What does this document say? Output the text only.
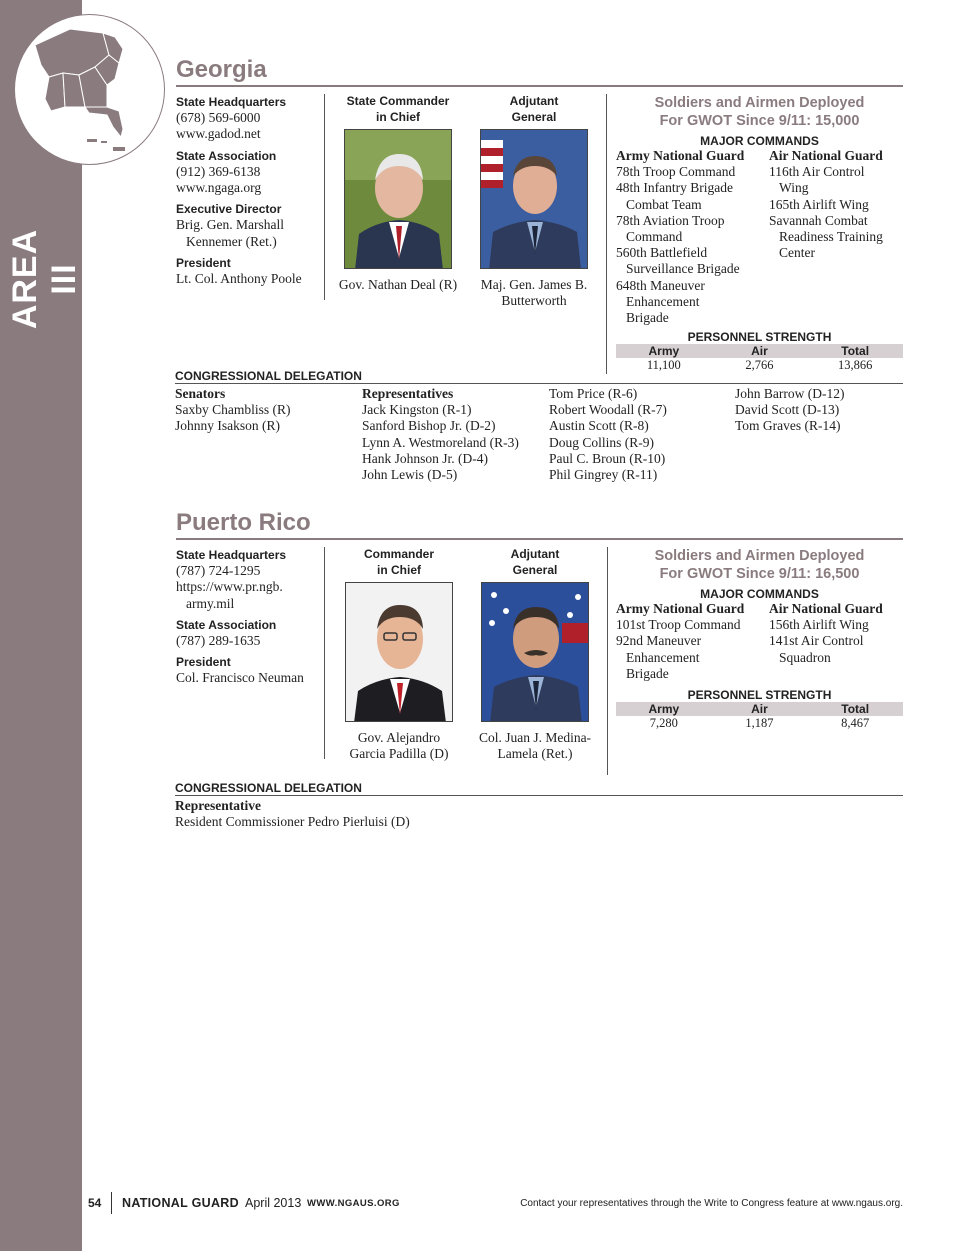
AREA III
Georgia
State Headquarters
(678) 569-6000
www.gadod.net
State Association
(912) 369-6138
www.ngaga.org
Executive Director
Brig. Gen. Marshall
Kennemer (Ret.)
President
Lt. Col. Anthony Poole
State Commander
in Chief
Gov. Nathan Deal (R)
Adjutant
General
Maj. Gen. James B.
Butterworth
Soldiers and Airmen Deployed
For GWOT Since 9/11: 15,000
MAJOR COMMANDS
Army National Guard
78th Troop Command
48th Infantry Brigade
Combat Team
78th Aviation Troop
Command
560th Battlefield
Surveillance Brigade
648th Maneuver
Enhancement
Brigade
Air National Guard
116th Air Control
Wing
165th Airlift Wing
Savannah Combat
Readiness Training
Center
PERSONNEL STRENGTH
Army	Air	Total
11,100	2,766	13,866
CONGRESSIONAL DELEGATION
Senators
Saxby Chambliss (R)
Johnny Isakson (R)
Representatives
Jack Kingston (R-1)
Sanford Bishop Jr. (D-2)
Lynn A. Westmoreland (R-3)
Hank Johnson Jr. (D-4)
John Lewis (D-5)
Tom Price (R-6)
Robert Woodall (R-7)
Austin Scott (R-8)
Doug Collins (R-9)
Paul C. Broun (R-10)
Phil Gingrey (R-11)
John Barrow (D-12)
David Scott (D-13)
Tom Graves (R-14)
Puerto Rico
State Headquarters
(787) 724-1295
https://www.pr.ngb.
army.mil
State Association
(787) 289-1635
President
Col. Francisco Neuman
Commander
in Chief
Gov. Alejandro
Garcia Padilla (D)
Adjutant
General
Col. Juan J. Medina-
Lamela (Ret.)
Soldiers and Airmen Deployed
For GWOT Since 9/11: 16,500
MAJOR COMMANDS
Army National Guard
101st Troop Command
92nd Maneuver
Enhancement
Brigade
Air National Guard
156th Airlift Wing
141st Air Control
Squadron
PERSONNEL STRENGTH
Army	Air	Total
7,280	1,187	8,467
CONGRESSIONAL DELEGATION
Representative
Resident Commissioner Pedro Pierluisi (D)
54 NATIONAL GUARD April 2013 WWW.NGAUS.ORG	Contact your representatives through the Write to Congress feature at www.ngaus.org.
